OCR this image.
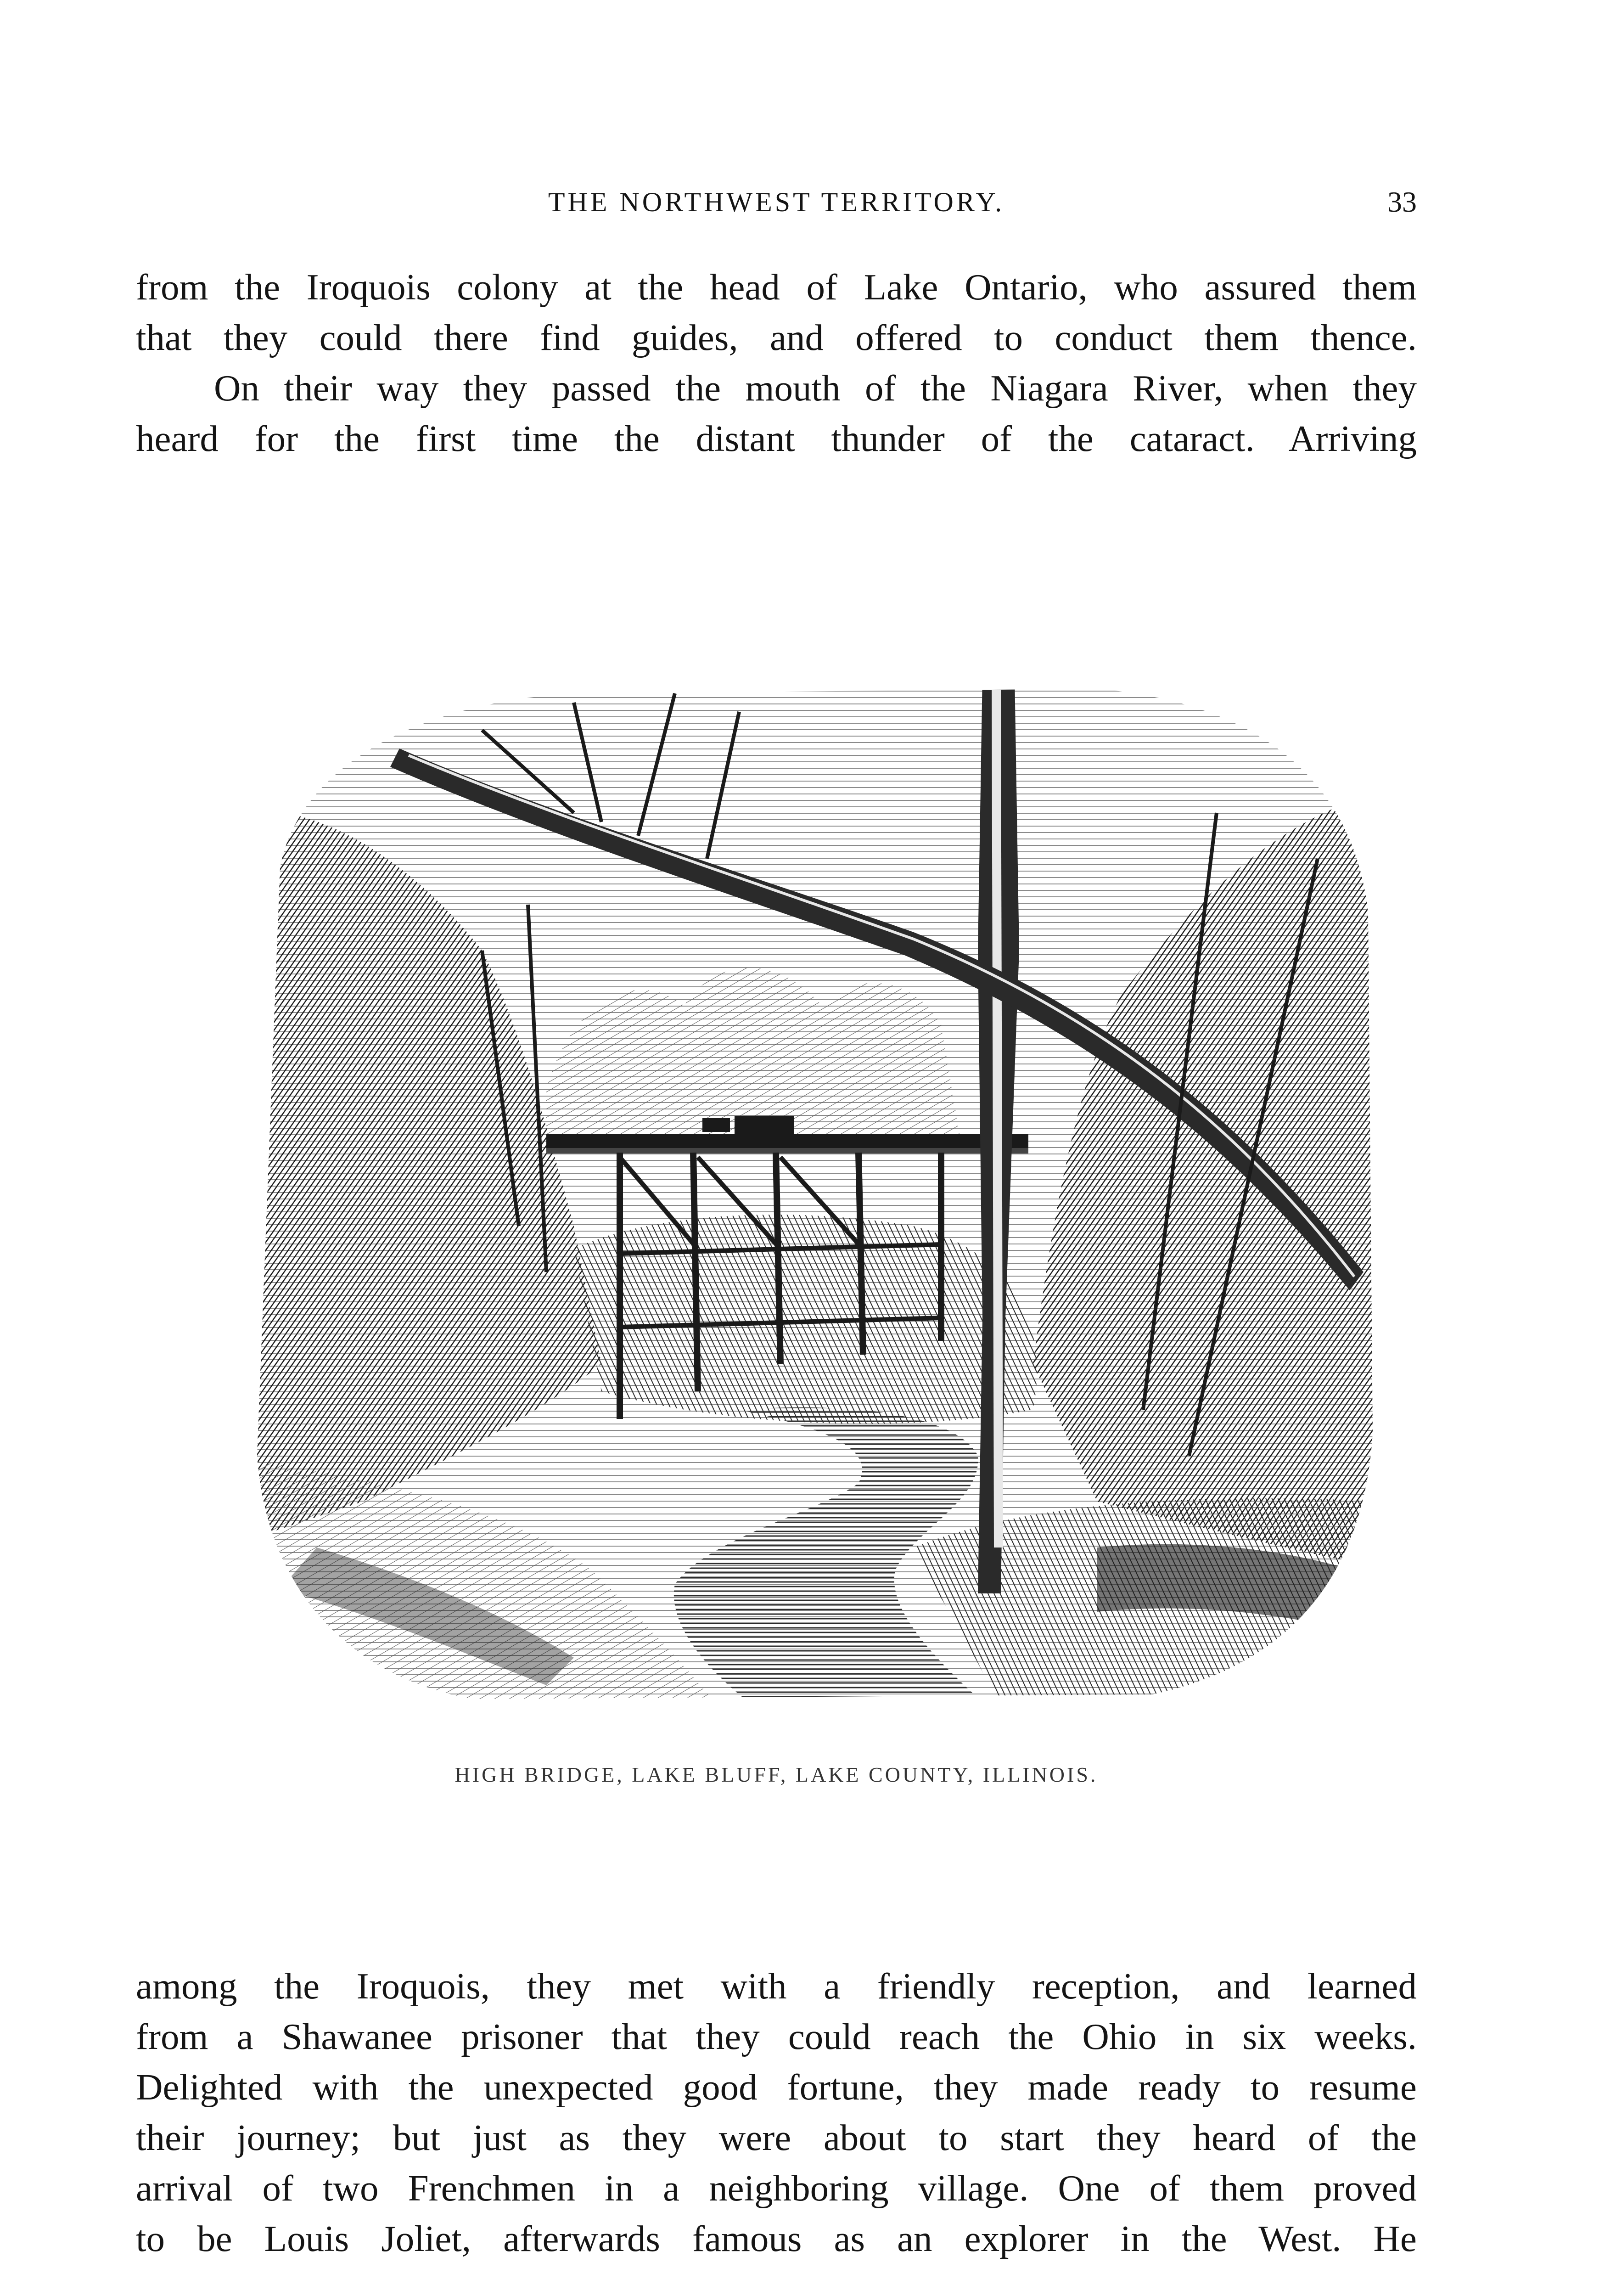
THE NORTHWEST TERRITORY.	33
from the Iroquois colony at the head of Lake Ontario, who assured them
that they could there find guides, and offered to conduct them thence.
On their way they passed the mouth of the Niagara River, when they
heard for the first time the distant thunder of the cataract. Arriving
HIGH BRIDGE, LAKE BLUFF, LAKE COUNTY, ILLINOIS.
among the Iroquois, they met with a friendly reception, and learned
from a Shawanee prisoner that they could reach the Ohio in six weeks.
Delighted with the unexpected good fortune, they made ready to resume
their journey; but just as they were about to start they heard of the
arrival of two Frenchmen in a neighboring village. One of them proved
to be Louis Joliet, afterwards famous as an explorer in the West. He
